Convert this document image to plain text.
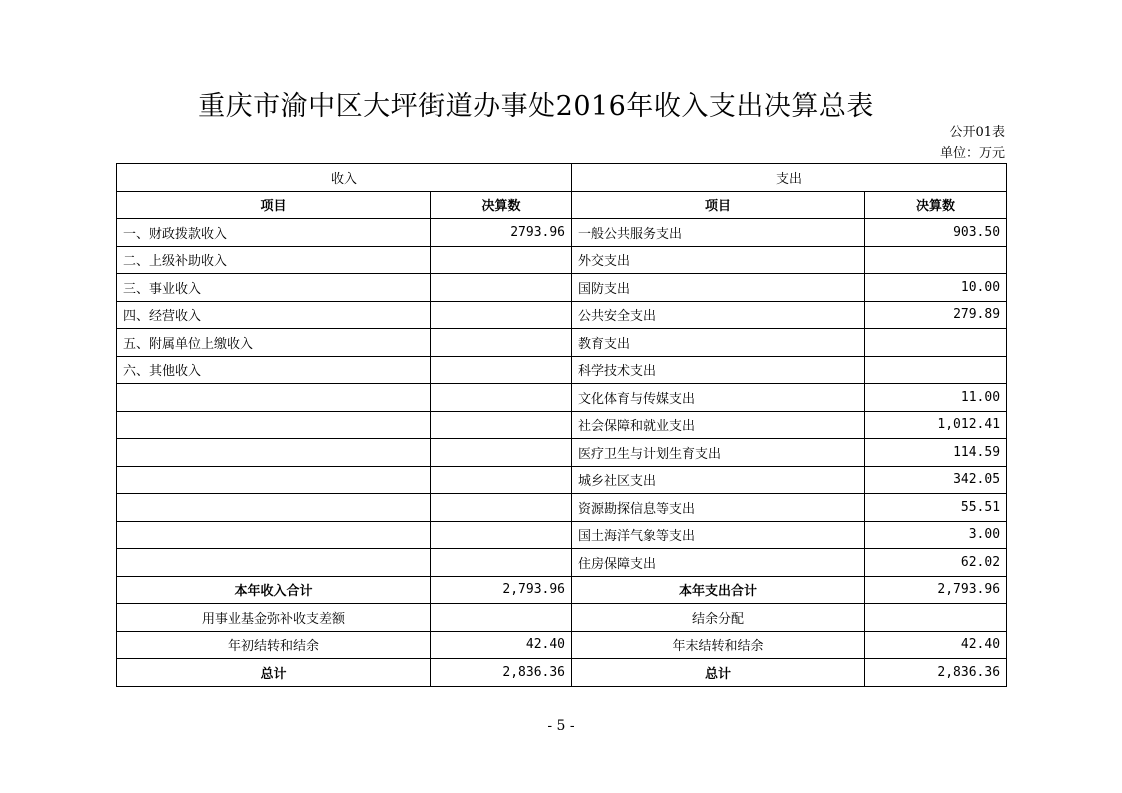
重庆市渝中区大坪街道办事处2016年收入支出决算总表
公开01表
单位：万元
收入		支出	
项目	决算数	项目	决算数
一、财政拨款收入	2793.96	一般公共服务支出	903.50
二、上级补助收入		外交支出	
三、事业收入		国防支出	10.00
四、经营收入		公共安全支出	279.89
五、附属单位上缴收入		教育支出	
六、其他收入		科学技术支出	
		文化体育与传媒支出	11.00
		社会保障和就业支出	1,012.41
		医疗卫生与计划生育支出	114.59
		城乡社区支出	342.05
		资源勘探信息等支出	55.51
		国土海洋气象等支出	3.00
		住房保障支出	62.02
本年收入合计	2,793.96	本年支出合计	2,793.96
用事业基金弥补收支差额		结余分配	
年初结转和结余	42.40	年末结转和结余	42.40
总计	2,836.36	总计	2,836.36
- 5 -
